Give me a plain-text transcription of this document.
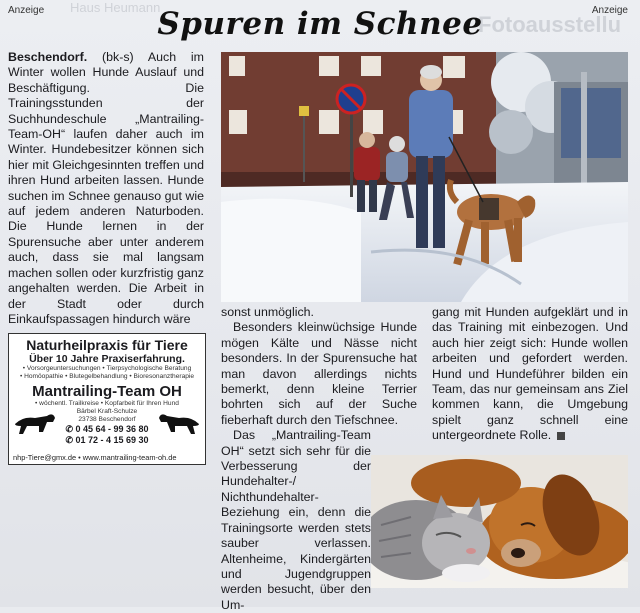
Haus Heumann
Fotoausstellu
Anzeige	Anzeige
Spuren im Schnee

Beschendorf. (bk-s) Auch im Winter wollen Hunde Auslauf und Beschäftigung. Die Trainingsstunden der Suchhundeschule „Mantrailing-Team-OH“ laufen daher auch im Winter. Hundebesitzer können sich hier mit Gleichgesinnten treffen und ihren Hund arbeiten lassen. Hunde suchen im Schnee genauso gut wie auf jedem anderen Naturboden. Die Hunde lernen in der Spurensuche aber unter anderem auch, dass sie mal langsam machen sollen oder kurzfristig ganz angehalten werden. Die Arbeit in der Stadt oder durch Einkaufspassagen hindurch wäre	sonst unmöglich.

Besonders kleinwüchsige Hunde mögen Kälte und Nässe nicht besonders. In der Spurensuche hat man davon allerdings nichts bemerkt, denn kleine Terrier bohrten sich auf der Suche fieberhaft durch den Tiefschnee.

Das „Mantrailing-Team OH“ setzt sich sehr für die Verbesserung der Hundehalter-/ Nichthundehalter-Beziehung ein, denn die Trainingsorte werden stets sauber verlassen. Altenheime, Kindergärten und Jugendgruppen werden besucht, über den Um-

gang mit Hunden aufgeklärt und in das Training mit einbezogen. Und auch hier zeigt sich: Hunde wollen arbeiten und gefordert werden. Hund und Hundeführer bilden ein Team, das nur gemeinsam ans Ziel kommen kann, die Umgebung spielt ganz schnell eine untergeordnete Rolle.

Naturheilpraxis für Tiere
Über 10 Jahre Praxiserfahrung.
• Vorsorgeuntersuchungen • Tierpsychologische Beratung
• Homöopathie • Blutegelbehandlung • Bioresonanztherapie
Mantrailing-Team OH
• wöchentl. Trailkreise • Kopfarbeit für Ihren Hund
Bärbel Kraft-Schulze
23738 Beschendorf
✆ 0 45 64 - 99 36 80
✆ 01 72 - 4 15 69 30
nhp-Tiere@gmx.de • www.mantrailing-team-oh.de
